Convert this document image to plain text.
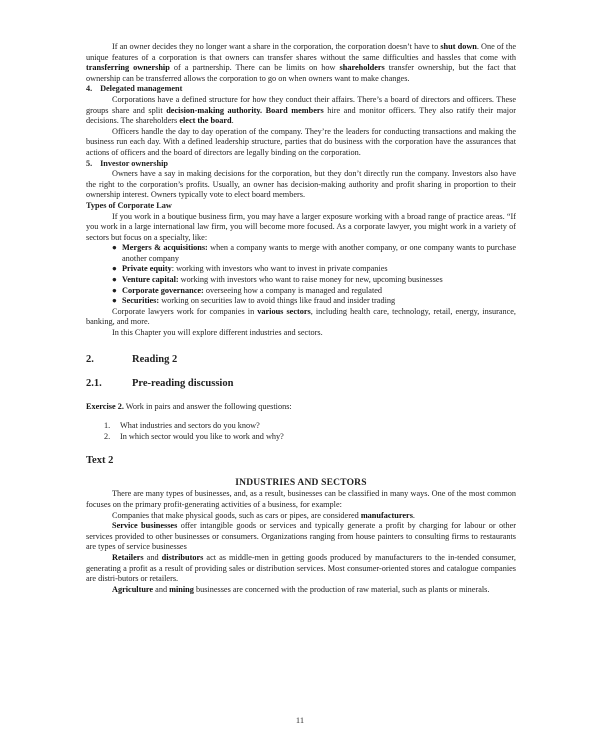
If an owner decides they no longer want a share in the corporation, the corporation doesn’t have to shut down. One of the unique features of a corporation is that owners can transfer shares without the same difficulties and hassles that come with transferring ownership of a partnership. There can be limits on how shareholders transfer ownership, but the fact that ownership can be transferred allows the corporation to go on when owners want to make changes.

4. Delegated management

Corporations have a defined structure for how they conduct their affairs. There’s a board of directors and officers. These groups share and split decision-making authority. Board members hire and monitor officers. They also ratify their major decisions. The shareholders elect the board.

Officers handle the day to day operation of the company. They’re the leaders for conducting transactions and making the business run each day. With a defined leadership structure, parties that do business with the corporation have the assurances that actions of officers and the board of directors are legally binding on the corporation.

5. Investor ownership

Owners have a say in making decisions for the corporation, but they don’t directly run the company. Investors also have the right to the corporation’s profits. Usually, an owner has decision-making authority and profit sharing in proportion to their ownership interest. Owners typically vote to elect board members.

Types of Corporate Law

If you work in a boutique business firm, you may have a larger exposure working with a broad range of practice areas. “If you work in a large international law firm, you will become more focused. As a corporate lawyer, you might work in a variety of sectors but focus on a specialty, like:

● Mergers & acquisitions: when a company wants to merge with another company, or one company wants to purchase another company
● Private equity: working with investors who want to invest in private companies
● Venture capital: working with investors who want to raise money for new, upcoming businesses
● Corporate governance: overseeing how a company is managed and regulated
● Securities: working on securities law to avoid things like fraud and insider trading

Corporate lawyers work for companies in various sectors, including health care, technology, retail, energy, insurance, banking, and more.

In this Chapter you will explore different industries and sectors.

2.	Reading 2

2.1.	Pre-reading discussion

Exercise 2. Work in pairs and answer the following questions:

1. What industries and sectors do you know?
2. In which sector would you like to work and why?

Text 2

INDUSTRIES AND SECTORS

There are many types of businesses, and, as a result, businesses can be classified in many ways. One of the most common focuses on the primary profit-generating activities of a business, for example:

Companies that make physical goods, such as cars or pipes, are considered manufacturers.

Service businesses offer intangible goods or services and typically generate a profit by charging for labour or other services provided to other businesses or consumers. Organizations ranging from house painters to consulting firms to restaurants are types of service businesses

Retailers and distributors act as middle-men in getting goods produced by manufacturers to the in-tended consumer, generating a profit as a result of providing sales or distribution services. Most consumer-oriented stores and catalogue companies are distri-butors or retailers.

Agriculture and mining businesses are concerned with the production of raw material, such as plants or minerals.

11
